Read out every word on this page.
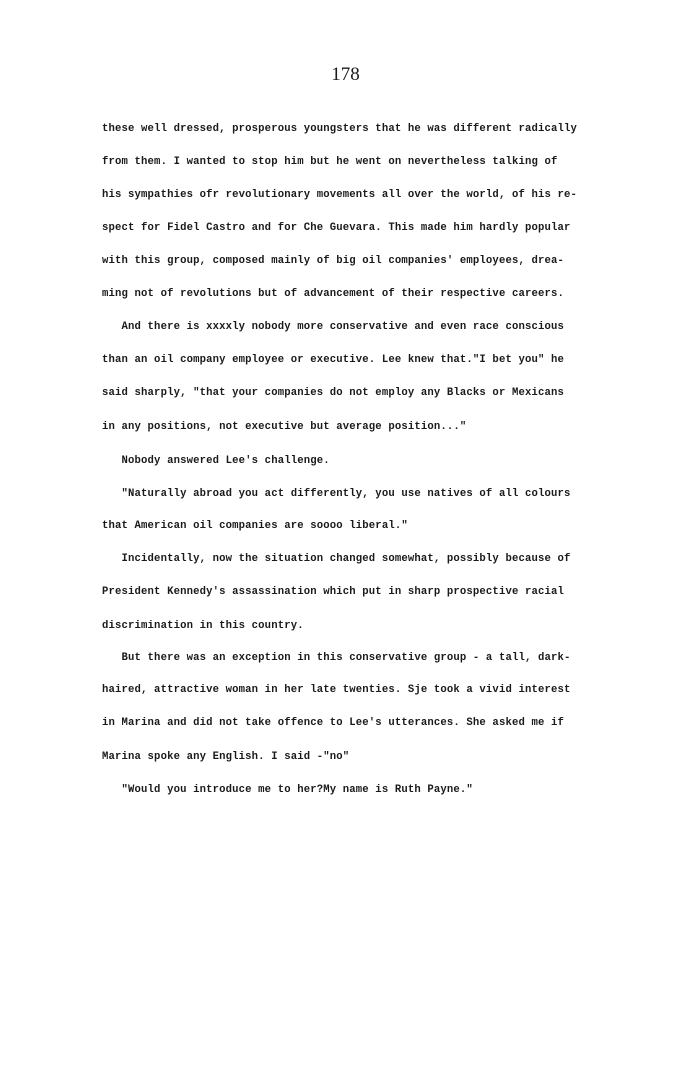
178
these well dressed, prosperous youngsters that he was different radically
from them. I wanted to stop him but he went on nevertheless talking of
his sympathies ofr revolutionary movements all over the world, of his re-
spect for Fidel Castro and for Che Guevara. This made him hardly popular
with this group, composed mainly of big oil companies' employees, drea-
ming not of revolutions but of advancement of their respective careers.
And there is xxxxly nobody more conservative and even race conscious
than an oil company employee or executive. Lee knew that."I bet you" he
said sharply, "that your companies do not employ any Blacks or Mexicans
in any positions, not executive but average position..."
Nobody answered Lee's challenge.
"Naturally abroad you act differently, you use natives of all colours
that American oil companies are soooo liberal."
Incidentally, now the situation changed somewhat, possibly because of
President Kennedy's assassination which put in sharp prospective racial
discrimination in this country.
But there was an exception in this conservative group - a tall, dark-
haired, attractive woman in her late twenties. Sje took a vivid interest
in Marina and did not take offence to Lee's utterances. She asked me if
Marina spoke any English. I said -"no"
"Would you introduce me to her?My name is Ruth Payne."
